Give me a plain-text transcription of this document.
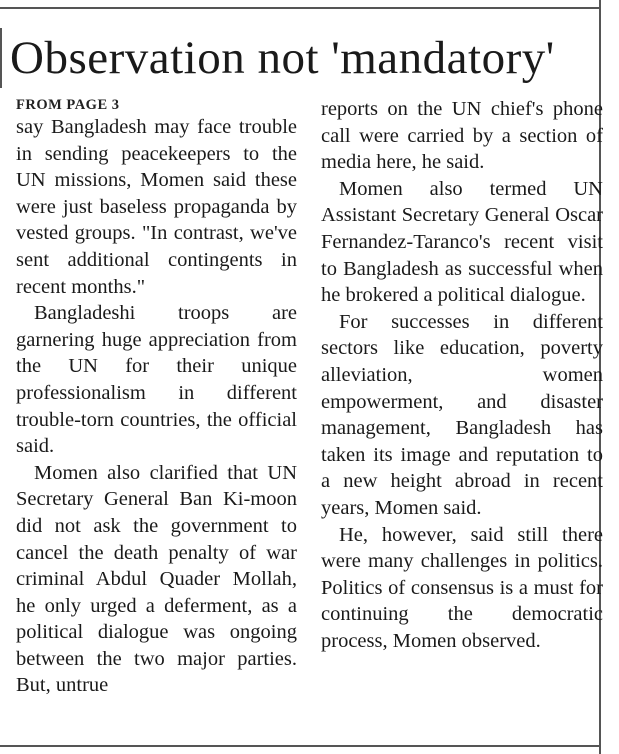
Observation not 'mandatory'
FROM PAGE 3

say Bangladesh may face trouble in sending peacekeepers to the UN missions, Momen said these were just baseless propaganda by vested groups. "In contrast, we've sent additional contingents in recent months."

Bangladeshi troops are garnering huge appreciation from the UN for their unique professionalism in different trouble-torn countries, the official said.

Momen also clarified that UN Secretary General Ban Ki-moon did not ask the government to cancel the death penalty of war criminal Abdul Quader Mollah, he only urged a deferment, as a political dialogue was ongoing between the two major parties. But, untrue

reports on the UN chief's phone call were carried by a section of media here, he said.

Momen also termed UN Assistant Secretary General Oscar Fernandez-Taranco's recent visit to Bangladesh as successful when he brokered a political dialogue.

For successes in different sectors like education, poverty alleviation, women empowerment, and disaster management, Bangladesh has taken its image and reputation to a new height abroad in recent years, Momen said.

He, however, said still there were many challenges in politics. Politics of consensus is a must for continuing the democratic process, Momen observed.
